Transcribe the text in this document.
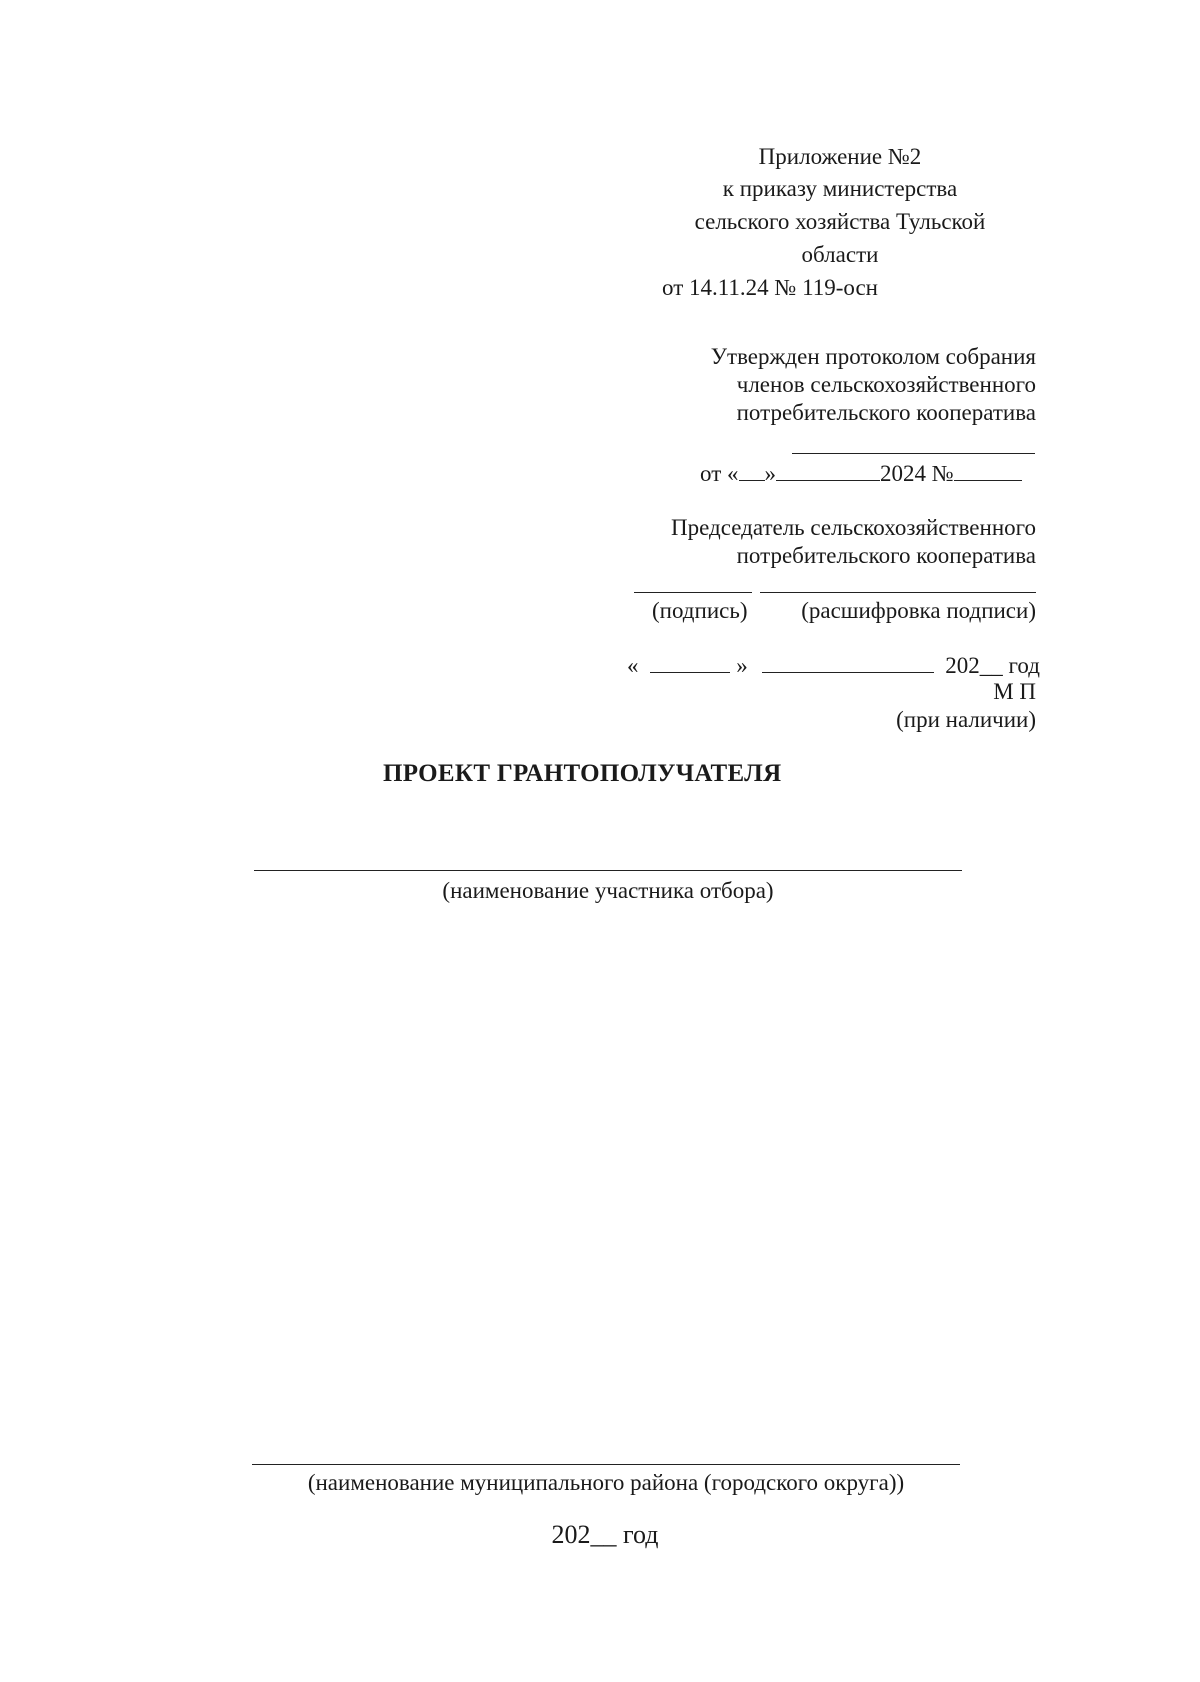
Приложение №2
к приказу министерства
сельского хозяйства Тульской
области
от 14.11.24 № 119-осн
Утвержден протоколом собрания
членов сельскохозяйственного
потребительского кооператива
от « »	2024 №
Председатель сельскохозяйственного
потребительского кооператива
(подпись)	(расшифровка подписи)
«	»	202__ год
М П
(при наличии)
ПРОЕКТ ГРАНТОПОЛУЧАТЕЛЯ
(наименование участника отбора)
(наименование муниципального района (городского округа))
202__ год
